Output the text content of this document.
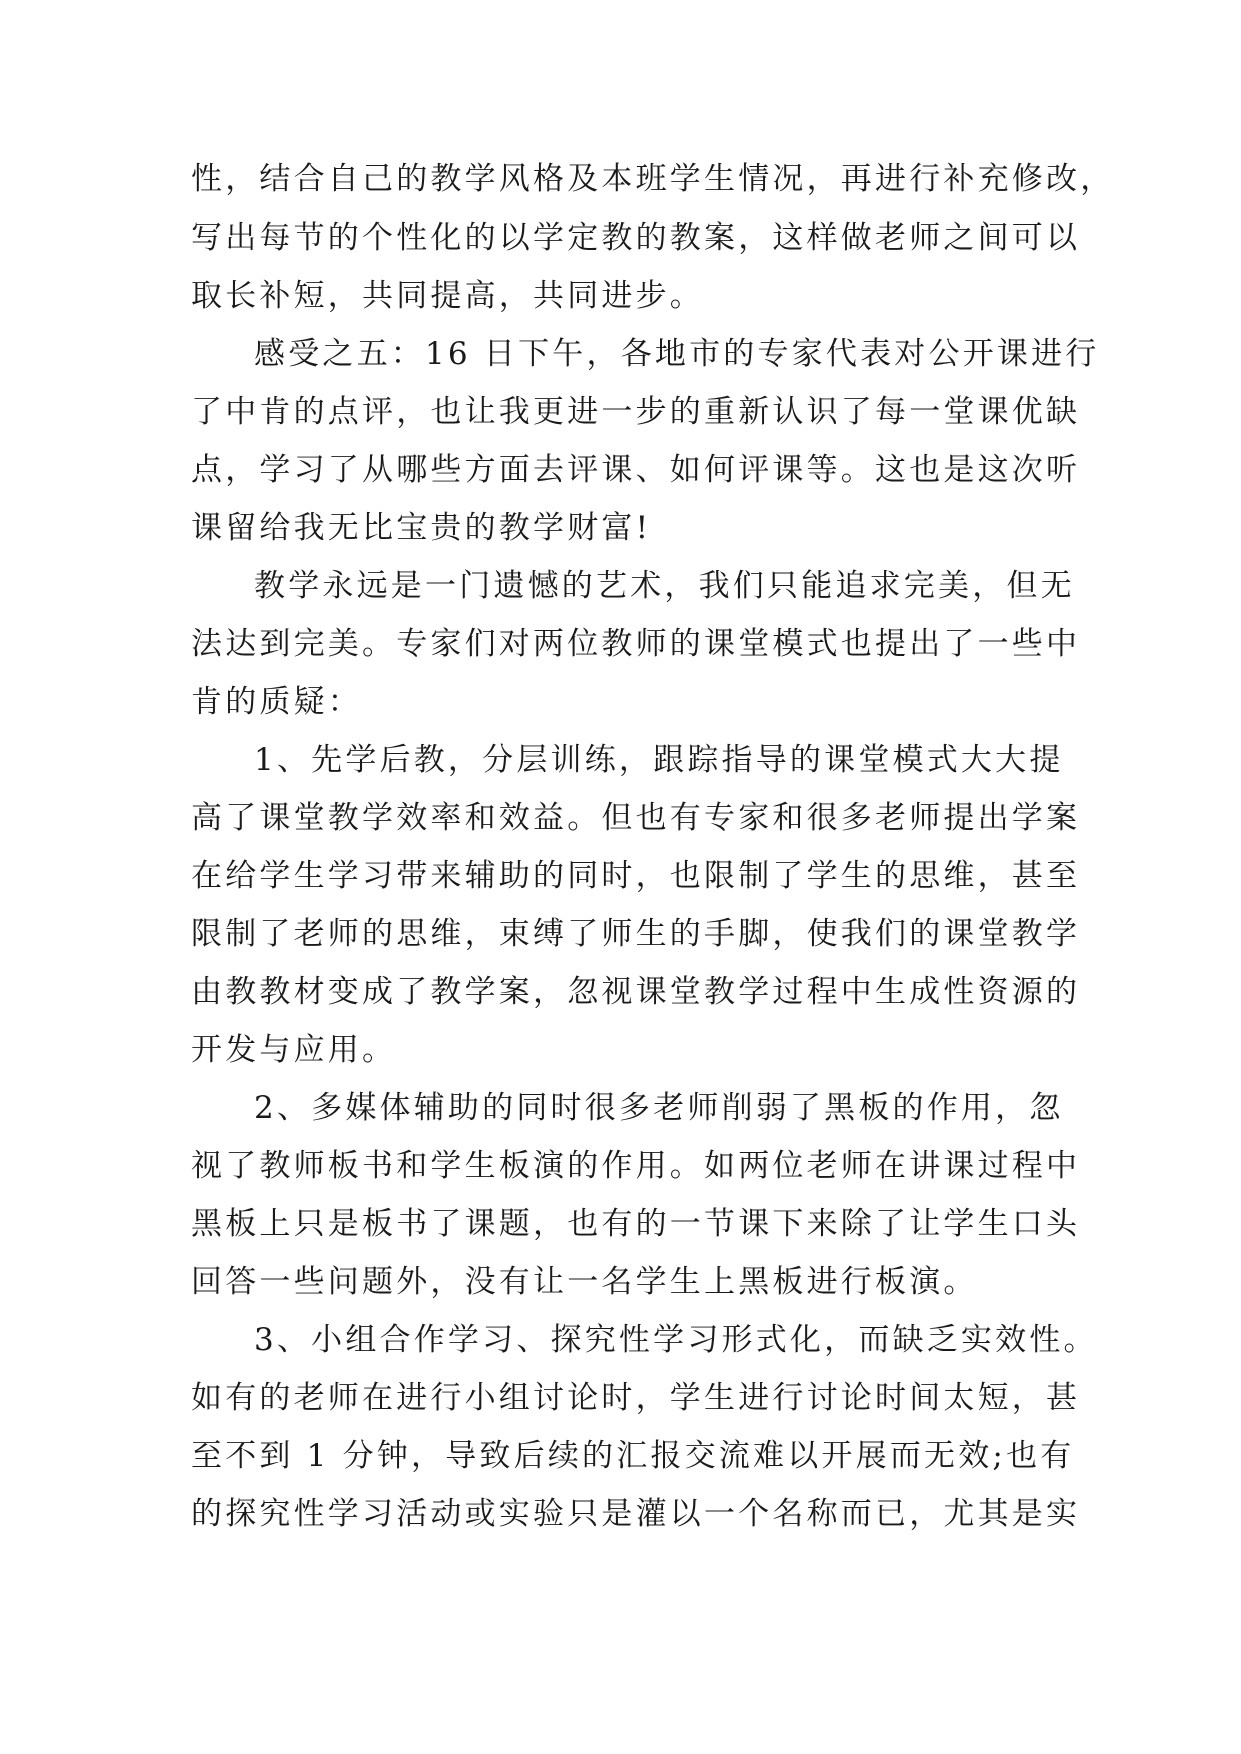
性，结合自己的教学风格及本班学生情况，再进行补充修改，
写出每节的个性化的以学定教的教案，这样做老师之间可以
取长补短，共同提高，共同进步。
感受之五：16 日下午，各地市的专家代表对公开课进行
了中肯的点评，也让我更进一步的重新认识了每一堂课优缺
点，学习了从哪些方面去评课、如何评课等。这也是这次听
课留给我无比宝贵的教学财富!
教学永远是一门遗憾的艺术，我们只能追求完美，但无
法达到完美。专家们对两位教师的课堂模式也提出了一些中
肯的质疑：
1、先学后教，分层训练，跟踪指导的课堂模式大大提
高了课堂教学效率和效益。但也有专家和很多老师提出学案
在给学生学习带来辅助的同时，也限制了学生的思维，甚至
限制了老师的思维，束缚了师生的手脚，使我们的课堂教学
由教教材变成了教学案，忽视课堂教学过程中生成性资源的
开发与应用。
2、多媒体辅助的同时很多老师削弱了黑板的作用，忽
视了教师板书和学生板演的作用。如两位老师在讲课过程中
黑板上只是板书了课题，也有的一节课下来除了让学生口头
回答一些问题外，没有让一名学生上黑板进行板演。
3、小组合作学习、探究性学习形式化，而缺乏实效性。
如有的老师在进行小组讨论时，学生进行讨论时间太短，甚
至不到 1 分钟，导致后续的汇报交流难以开展而无效;也有
的探究性学习活动或实验只是灌以一个名称而已，尤其是实
